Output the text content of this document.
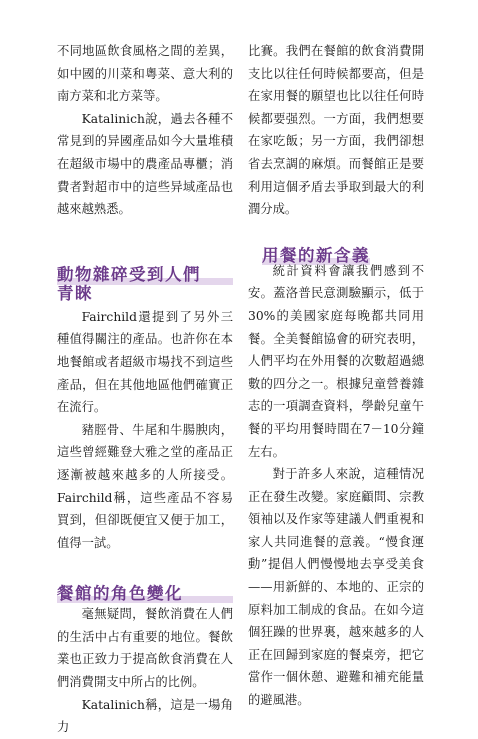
不同地區飲食風格之間的差異，如中國的川菜和粵菜、意大利的南方菜和北方菜等。

Katalinich說，過去各種不常見到的异國產品如今大量堆積在超級市場中的農產品專櫃；消費者對超市中的這些异域產品也越來越熟悉。

動物雜碎受到人們
青睞

Fairchild還提到了另外三種值得關注的產品。也許你在本地餐館或者超級市場找不到這些產品，但在其他地區他們確實正在流行。

豬脛骨、牛尾和牛腸腴肉，這些曾經難登大雅之堂的產品正逐漸被越來越多的人所接受。Fairchild稱，這些產品不容易買到，但卻既便宜又便于加工，值得一試。

餐館的角色變化

毫無疑問，餐飲消費在人們的生活中占有重要的地位。餐飲業也正致力于提高飲食消費在人們消費開支中所占的比例。

Katalinich稱，這是一場角力

比賽。我們在餐館的飲食消費開支比以往任何時候都要高，但是在家用餐的願望也比以往任何時候都要强烈。一方面，我們想要在家吃飯；另一方面，我們卻想省去烹調的麻煩。而餐館正是要利用這個矛盾去爭取到最大的利潤分成。

用餐的新含義

統計資料會讓我們感到不安。蓋洛普民意測驗顯示，低于30%的美國家庭每晚都共同用餐。全美餐館協會的研究表明，人們平均在外用餐的次數超過總數的四分之一。根據兒童營養雜志的一項調查資料，學齡兒童午餐的平均用餐時間在7－10分鐘左右。

對于許多人來說，這種情况正在發生改變。家庭顧問、宗教領袖以及作家等建議人們重視和家人共同進餐的意義。“慢食運動”提倡人們慢慢地去享受美食——用新鮮的、本地的、正宗的原料加工制成的食品。在如今這個狂躁的世界裏，越來越多的人正在回歸到家庭的餐桌旁，把它當作一個休憩、避難和補充能量的避風港。
